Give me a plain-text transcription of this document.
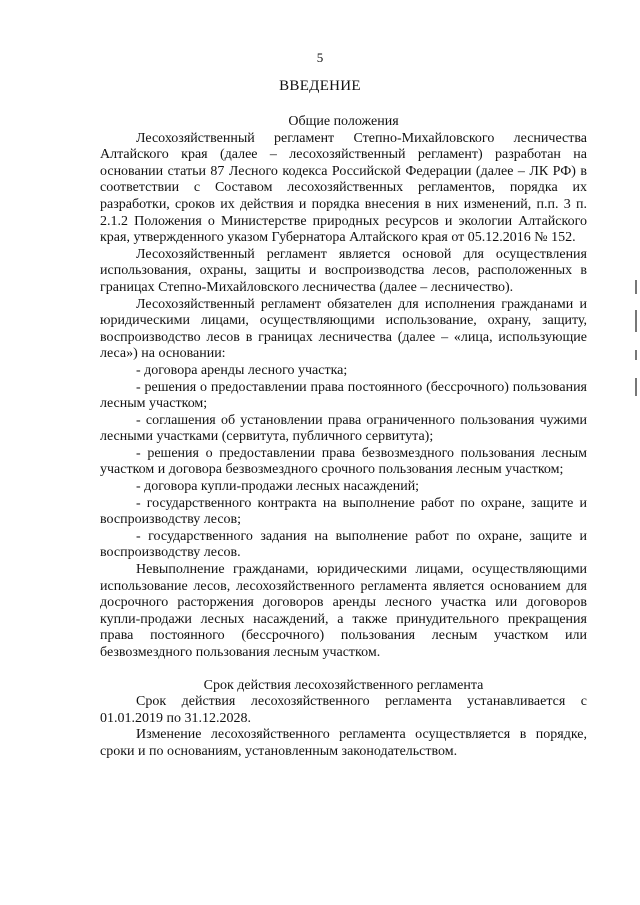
5
ВВЕДЕНИЕ
Общие положения

Лесохозяйственный регламент Степно-Михайловского лесничества Алтайского края (далее – лесохозяйственный регламент) разработан на основании статьи 87 Лесного кодекса Российской Федерации (далее – ЛК РФ) в соответствии с Составом лесохозяйственных регламентов, порядка их разработки, сроков их действия и порядка внесения в них изменений, п.п. 3 п. 2.1.2 Положения о Министерстве природных ресурсов и экологии Алтайского края, утвержденного указом Губернатора Алтайского края от 05.12.2016 № 152.

Лесохозяйственный регламент является основой для осуществления использования, охраны, защиты и воспроизводства лесов, расположенных в границах Степно-Михайловского лесничества (далее – лесничество).

Лесохозяйственный регламент обязателен для исполнения гражданами и юридическими лицами, осуществляющими использование, охрану, защиту, воспроизводство лесов в границах лесничества (далее – «лица, использующие леса») на основании:

- договора аренды лесного участка;

- решения о предоставлении права постоянного (бессрочного) пользования лесным участком;

- соглашения об установлении права ограниченного пользования чужими лесными участками (сервитута, публичного сервитута);

- решения о предоставлении права безвозмездного пользования лесным участком и договора безвозмездного срочного пользования лесным участком;

- договора купли-продажи лесных насаждений;

- государственного контракта на выполнение работ по охране, защите и воспроизводству лесов;

- государственного задания на выполнение работ по охране, защите и воспроизводству лесов.

Невыполнение гражданами, юридическими лицами, осуществляющими использование лесов, лесохозяйственного регламента является основанием для досрочного расторжения договоров аренды лесного участка или договоров купли-продажи лесных насаждений, а также принудительного прекращения права постоянного (бессрочного) пользования лесным участком или безвозмездного пользования лесным участком.

Срок действия лесохозяйственного регламента

Срок действия лесохозяйственного регламента устанавливается с 01.01.2019 по 31.12.2028.

Изменение лесохозяйственного регламента осуществляется в порядке, сроки и по основаниям, установленным законодательством.
